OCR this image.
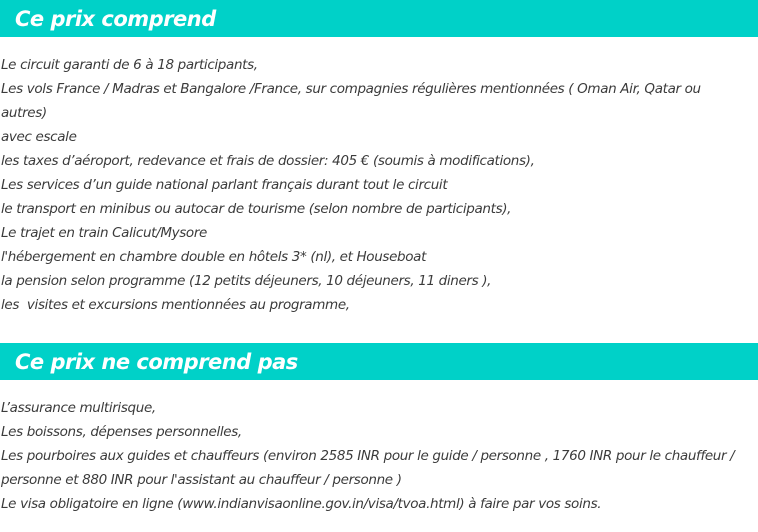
Ce prix comprend
Le circuit garanti de 6 à 18 participants,
Les vols France / Madras et Bangalore /France, sur compagnies régulières mentionnées ( Oman Air, Qatar ou autres)
avec escale
les taxes d’aéroport, redevance et frais de dossier: 405 € (soumis à modifications),
Les services d’un guide national parlant français durant tout le circuit
le transport en minibus ou autocar de tourisme (selon nombre de participants),
Le trajet en train Calicut/Mysore
l'hébergement en chambre double en hôtels 3* (nl), et Houseboat
la pension selon programme (12 petits déjeuners, 10 déjeuners, 11 diners ),
les  visites et excursions mentionnées au programme,
Ce prix ne comprend pas
L’assurance multirisque,
Les boissons, dépenses personnelles,
Les pourboires aux guides et chauffeurs (environ 2585 INR pour le guide / personne , 1760 INR pour le chauffeur /
personne et 880 INR pour l'assistant au chauffeur / personne )
Le visa obligatoire en ligne (www.indianvisaonline.gov.in/visa/tvoa.html) à faire par vos soins.
